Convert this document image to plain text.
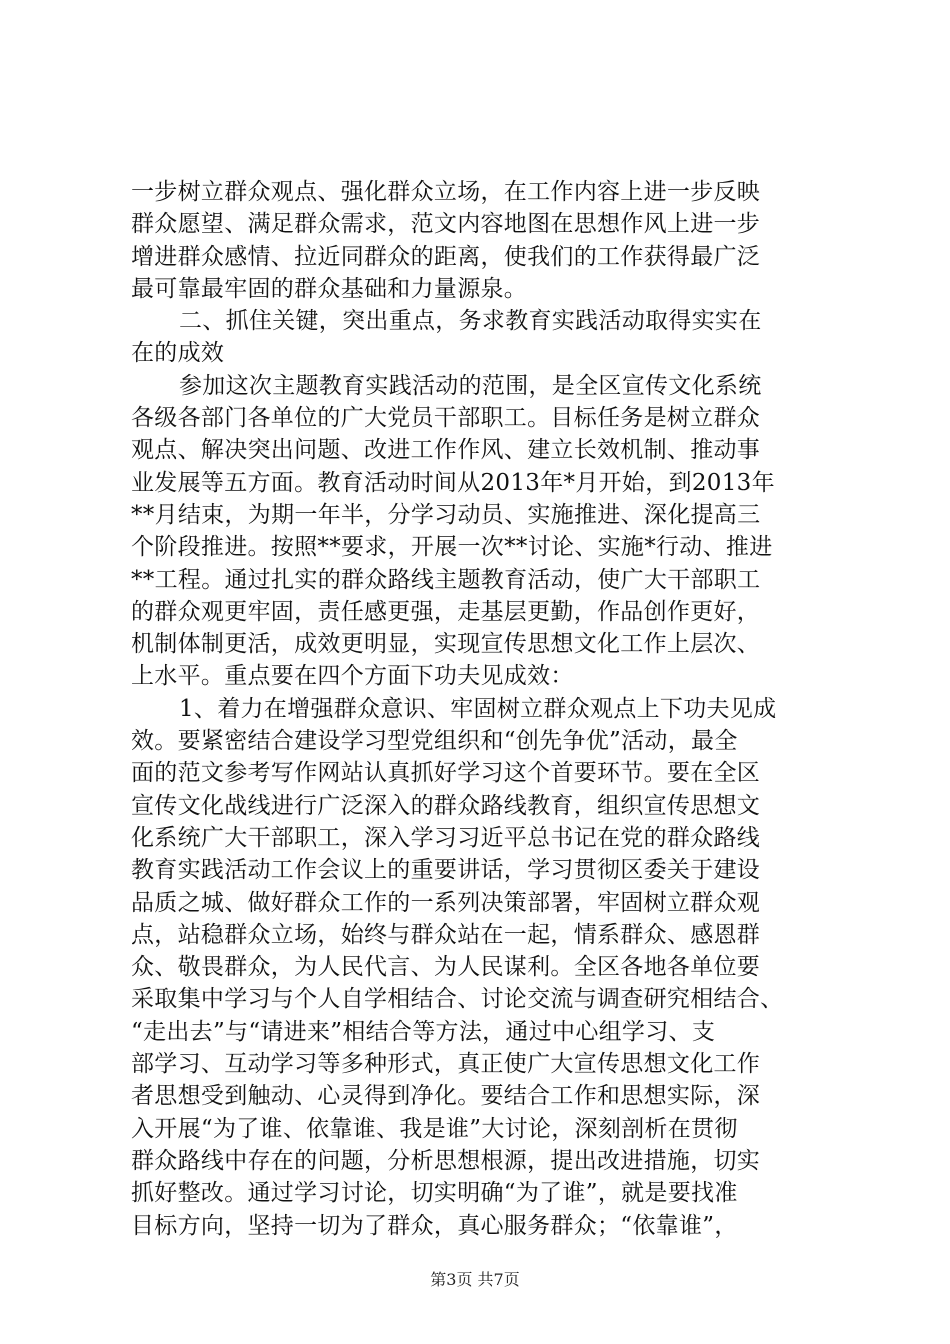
一步树立群众观点、强化群众立场，在工作内容上进一步反映
群众愿望、满足群众需求，范文内容地图在思想作风上进一步
增进群众感情、拉近同群众的距离，使我们的工作获得最广泛
最可靠最牢固的群众基础和力量源泉。
二、抓住关键，突出重点，务求教育实践活动取得实实在
在的成效
参加这次主题教育实践活动的范围，是全区宣传文化系统
各级各部门各单位的广大党员干部职工。目标任务是树立群众
观点、解决突出问题、改进工作作风、建立长效机制、推动事
业发展等五方面。教育活动时间从2013年*月开始，到2013年
**月结束，为期一年半，分学习动员、实施推进、深化提高三
个阶段推进。按照**要求，开展一次**讨论、实施*行动、推进
**工程。通过扎实的群众路线主题教育活动，使广大干部职工
的群众观更牢固，责任感更强，走基层更勤，作品创作更好，
机制体制更活，成效更明显，实现宣传思想文化工作上层次、
上水平。重点要在四个方面下功夫见成效：
1、着力在增强群众意识、牢固树立群众观点上下功夫见成
效。要紧密结合建设学习型党组织和“创先争优”活动，最全
面的范文参考写作网站认真抓好学习这个首要环节。要在全区
宣传文化战线进行广泛深入的群众路线教育，组织宣传思想文
化系统广大干部职工，深入学习习近平总书记在党的群众路线
教育实践活动工作会议上的重要讲话，学习贯彻区委关于建设
品质之城、做好群众工作的一系列决策部署，牢固树立群众观
点，站稳群众立场，始终与群众站在一起，情系群众、感恩群
众、敬畏群众，为人民代言、为人民谋利。全区各地各单位要
采取集中学习与个人自学相结合、讨论交流与调查研究相结合、
“走出去”与“请进来”相结合等方法，通过中心组学习、支
部学习、互动学习等多种形式，真正使广大宣传思想文化工作
者思想受到触动、心灵得到净化。要结合工作和思想实际，深
入开展“为了谁、依靠谁、我是谁”大讨论，深刻剖析在贯彻
群众路线中存在的问题，分析思想根源，提出改进措施，切实
抓好整改。通过学习讨论，切实明确“为了谁”，就是要找准
目标方向，坚持一切为了群众，真心服务群众；“依靠谁”，
第3页 共7页
